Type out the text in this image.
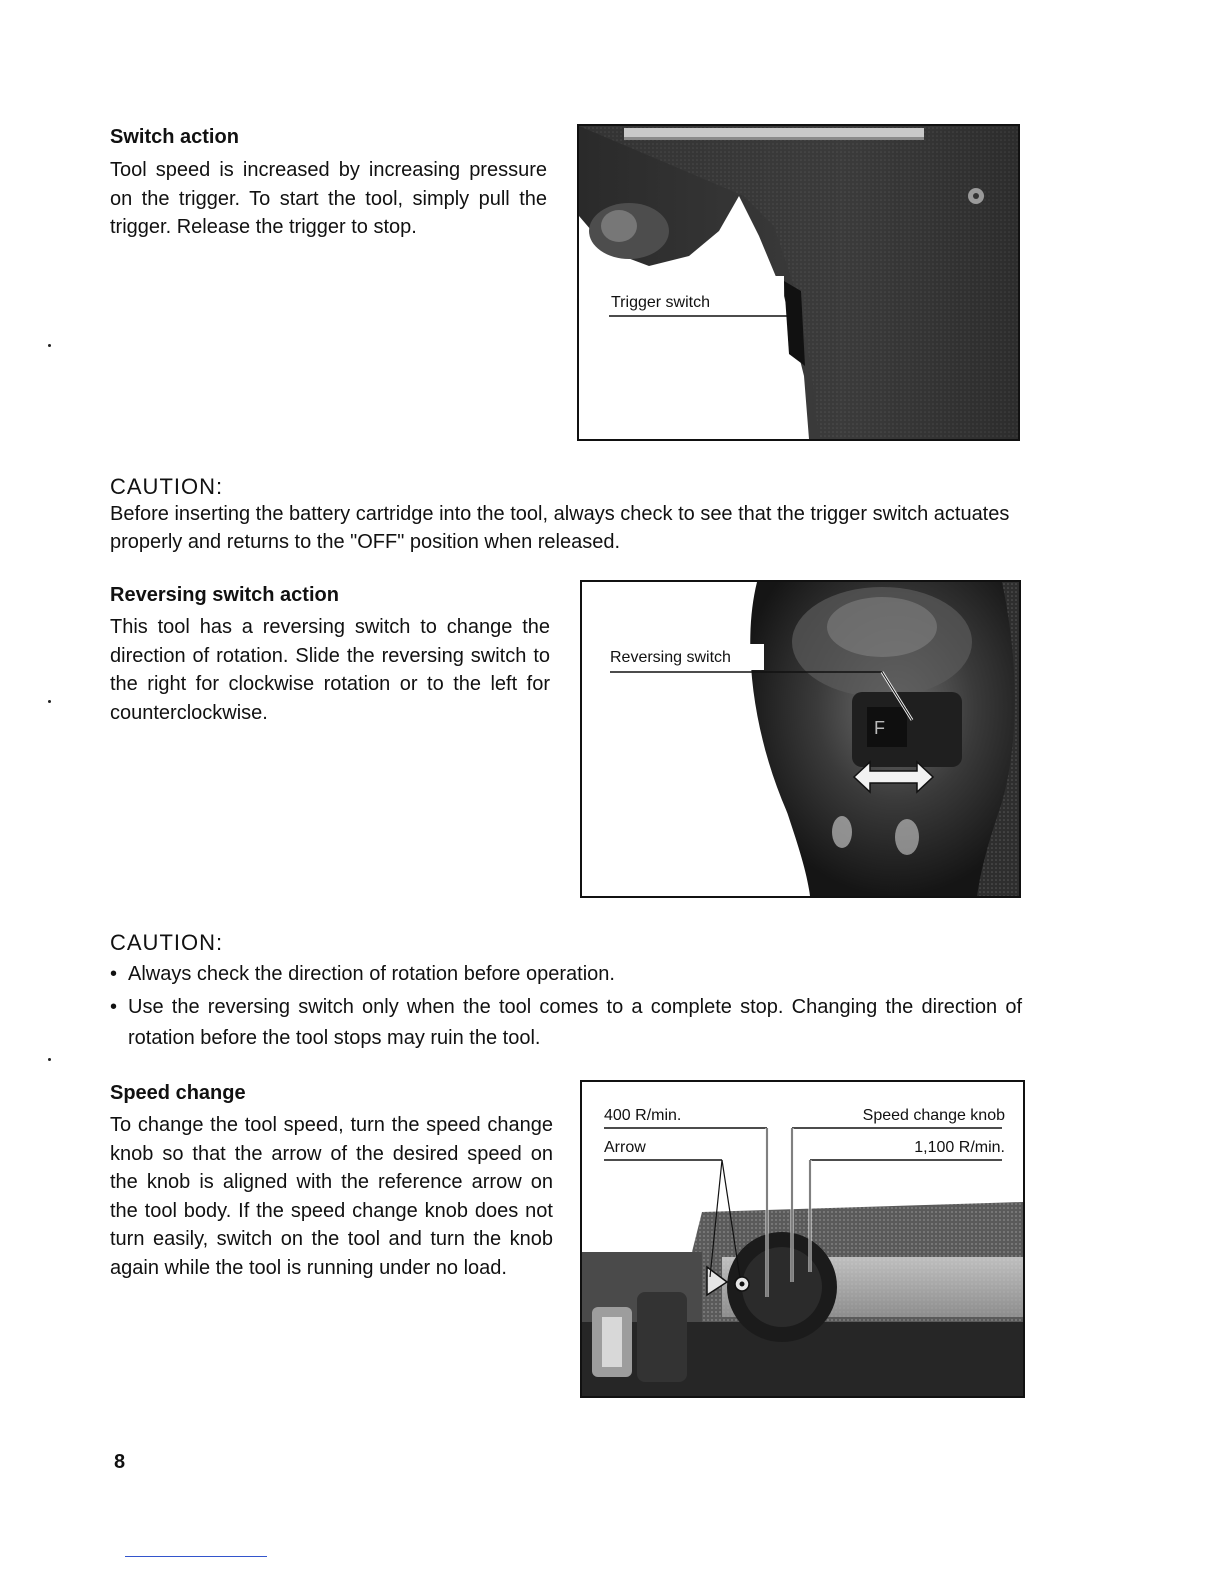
Switch action
Tool speed is increased by increasing pressure on the trigger. To start the tool, simply pull the trigger. Release the trigger to stop.
Trigger switch
CAUTION:
Before inserting the battery cartridge into the tool, always check to see that the trigger switch actuates properly and returns to the "OFF" position when released.
Reversing switch action
This tool has a reversing switch to change the direction of rotation. Slide the reversing switch to the right for clockwise rotation or to the left for counterclockwise.
F
Reversing switch
CAUTION:
• Always check the direction of rotation before operation.
• Use the reversing switch only when the tool comes to a complete stop. Changing the direction of rotation before the tool stops may ruin the tool.
Speed change
To change the tool speed, turn the speed change knob so that the arrow of the desired speed on the knob is aligned with the reference arrow on the tool body. If the speed change knob does not turn easily, switch on the tool and turn the knob again while the tool is running under no load.
400 R/min.
Arrow
Speed change knob
1,100 R/min.
8
